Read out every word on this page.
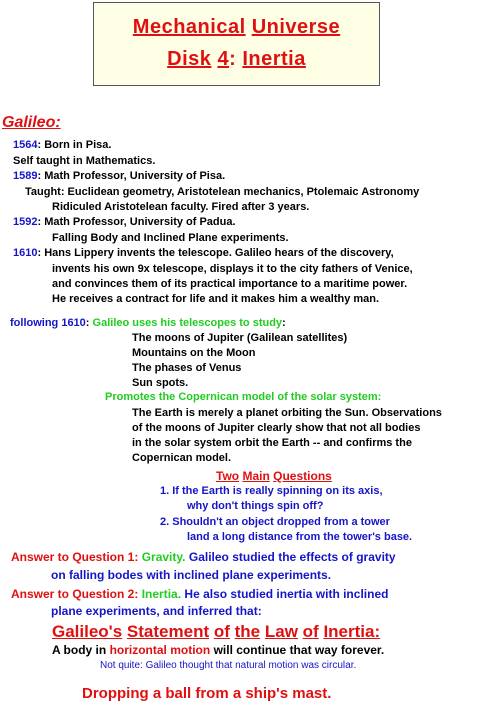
Mechanical Universe
Disk 4: Inertia
Galileo:
1564: Born in Pisa.
Self taught in Mathematics.
1589: Math Professor, University of Pisa.
Taught: Euclidean geometry, Aristotelean mechanics, Ptolemaic Astronomy
Ridiculed Aristotelean faculty. Fired after 3 years.
1592: Math Professor, University of Padua.
Falling Body and Inclined Plane experiments.
1610: Hans Lippery invents the telescope. Galileo hears of the discovery,
invents his own 9x telescope, displays it to the city fathers of Venice,
and convinces them of its practical importance to a maritime power.
He receives a contract for life and it makes him a wealthy man.
following 1610: Galileo uses his telescopes to study:
The moons of Jupiter (Galilean satellites)
Mountains on the Moon
The phases of Venus
Sun spots.
Promotes the Copernican model of the solar system:
The Earth is merely a planet orbiting the Sun. Observations
of the moons of Jupiter clearly show that not all bodies
in the solar system orbit the Earth -- and confirms the
Copernican model.
Two Main Questions
1. If the Earth is really spinning on its axis,
why don't things spin off?
2. Shouldn't an object dropped from a tower
land a long distance from the tower's base.
Answer to Question 1: Gravity. Galileo studied the effects of gravity
on falling bodes with inclined plane experiments.
Answer to Question 2: Inertia. He also studied inertia with inclined
plane experiments, and inferred that:
Galileo's Statement of the Law of Inertia:
A body in horizontal motion will continue that way forever.
Not quite: Galileo thought that natural motion was circular.
Dropping a ball from a ship's mast.
